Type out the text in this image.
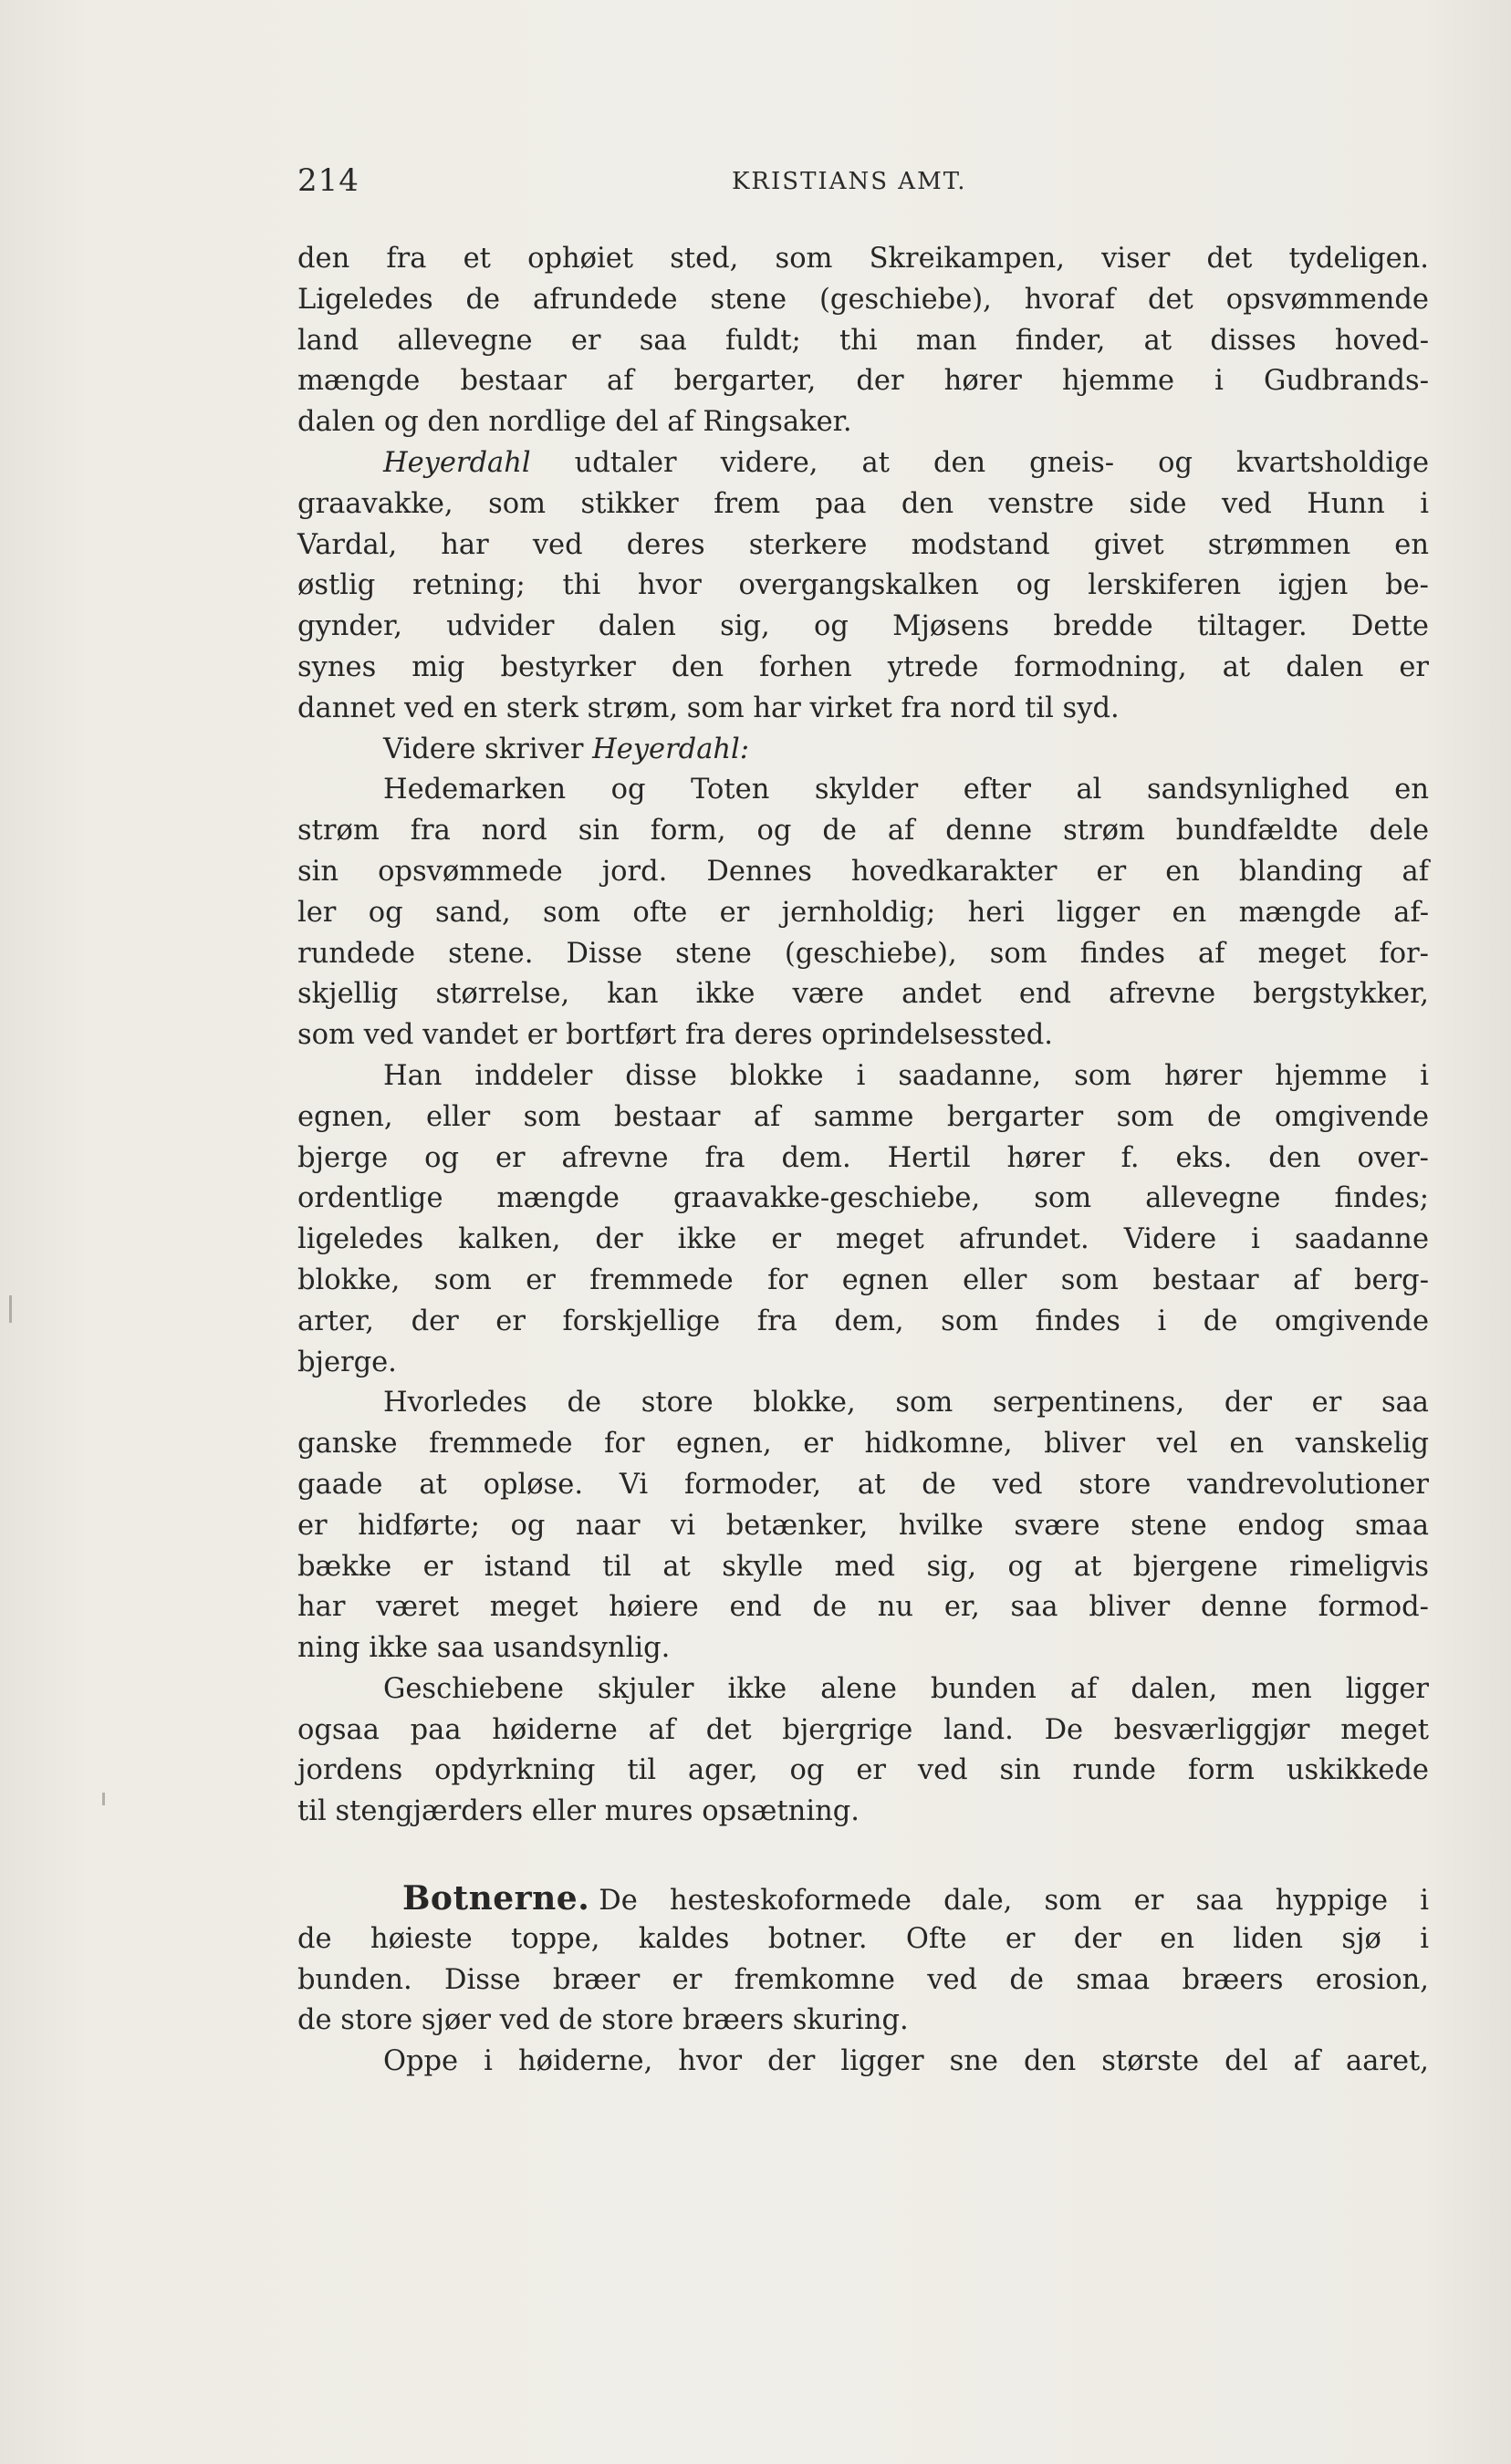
214	KRISTIANS AMT.
den fra et ophøiet sted, som Skreikampen, viser det tydeligen.
Ligeledes de afrundede stene (geschiebe), hvoraf det opsvømmende
land allevegne er saa fuldt; thi man finder, at disses hoved-
mængde bestaar af bergarter, der hører hjemme i Gudbrands-
dalen og den nordlige del af Ringsaker.
Heyerdahl udtaler videre, at den gneis- og kvartsholdige
graavakke, som stikker frem paa den venstre side ved Hunn i
Vardal, har ved deres sterkere modstand givet strømmen en
østlig retning; thi hvor overgangskalken og lerskiferen igjen be-
gynder, udvider dalen sig, og Mjøsens bredde tiltager. Dette
synes mig bestyrker den forhen ytrede formodning, at dalen er
dannet ved en sterk strøm, som har virket fra nord til syd.
Videre skriver Heyerdahl:
Hedemarken og Toten skylder efter al sandsynlighed en
strøm fra nord sin form, og de af denne strøm bundfældte dele
sin opsvømmede jord. Dennes hovedkarakter er en blanding af
ler og sand, som ofte er jernholdig; heri ligger en mængde af-
rundede stene. Disse stene (geschiebe), som findes af meget for-
skjellig størrelse, kan ikke være andet end afrevne bergstykker,
som ved vandet er bortført fra deres oprindelsessted.
Han inddeler disse blokke i saadanne, som hører hjemme i
egnen, eller som bestaar af samme bergarter som de omgivende
bjerge og er afrevne fra dem. Hertil hører f. eks. den over-
ordentlige mængde graavakke-geschiebe, som allevegne findes;
ligeledes kalken, der ikke er meget afrundet. Videre i saadanne
blokke, som er fremmede for egnen eller som bestaar af berg-
arter, der er forskjellige fra dem, som findes i de omgivende
bjerge.
Hvorledes de store blokke, som serpentinens, der er saa
ganske fremmede for egnen, er hidkomne, bliver vel en vanskelig
gaade at opløse. Vi formoder, at de ved store vandrevolutioner
er hidførte; og naar vi betænker, hvilke svære stene endog smaa
bække er istand til at skylle med sig, og at bjergene rimeligvis
har været meget høiere end de nu er, saa bliver denne formod-
ning ikke saa usandsynlig.
Geschiebene skjuler ikke alene bunden af dalen, men ligger
ogsaa paa høiderne af det bjergrige land. De besværliggjør meget
jordens opdyrkning til ager, og er ved sin runde form uskikkede
til stengjærders eller mures opsætning.
Botnerne. De hesteskoformede dale, som er saa hyppige i
de høieste toppe, kaldes botner. Ofte er der en liden sjø i
bunden. Disse bræer er fremkomne ved de smaa bræers erosion,
de store sjøer ved de store bræers skuring.
Oppe i høiderne, hvor der ligger sne den største del af aaret,
